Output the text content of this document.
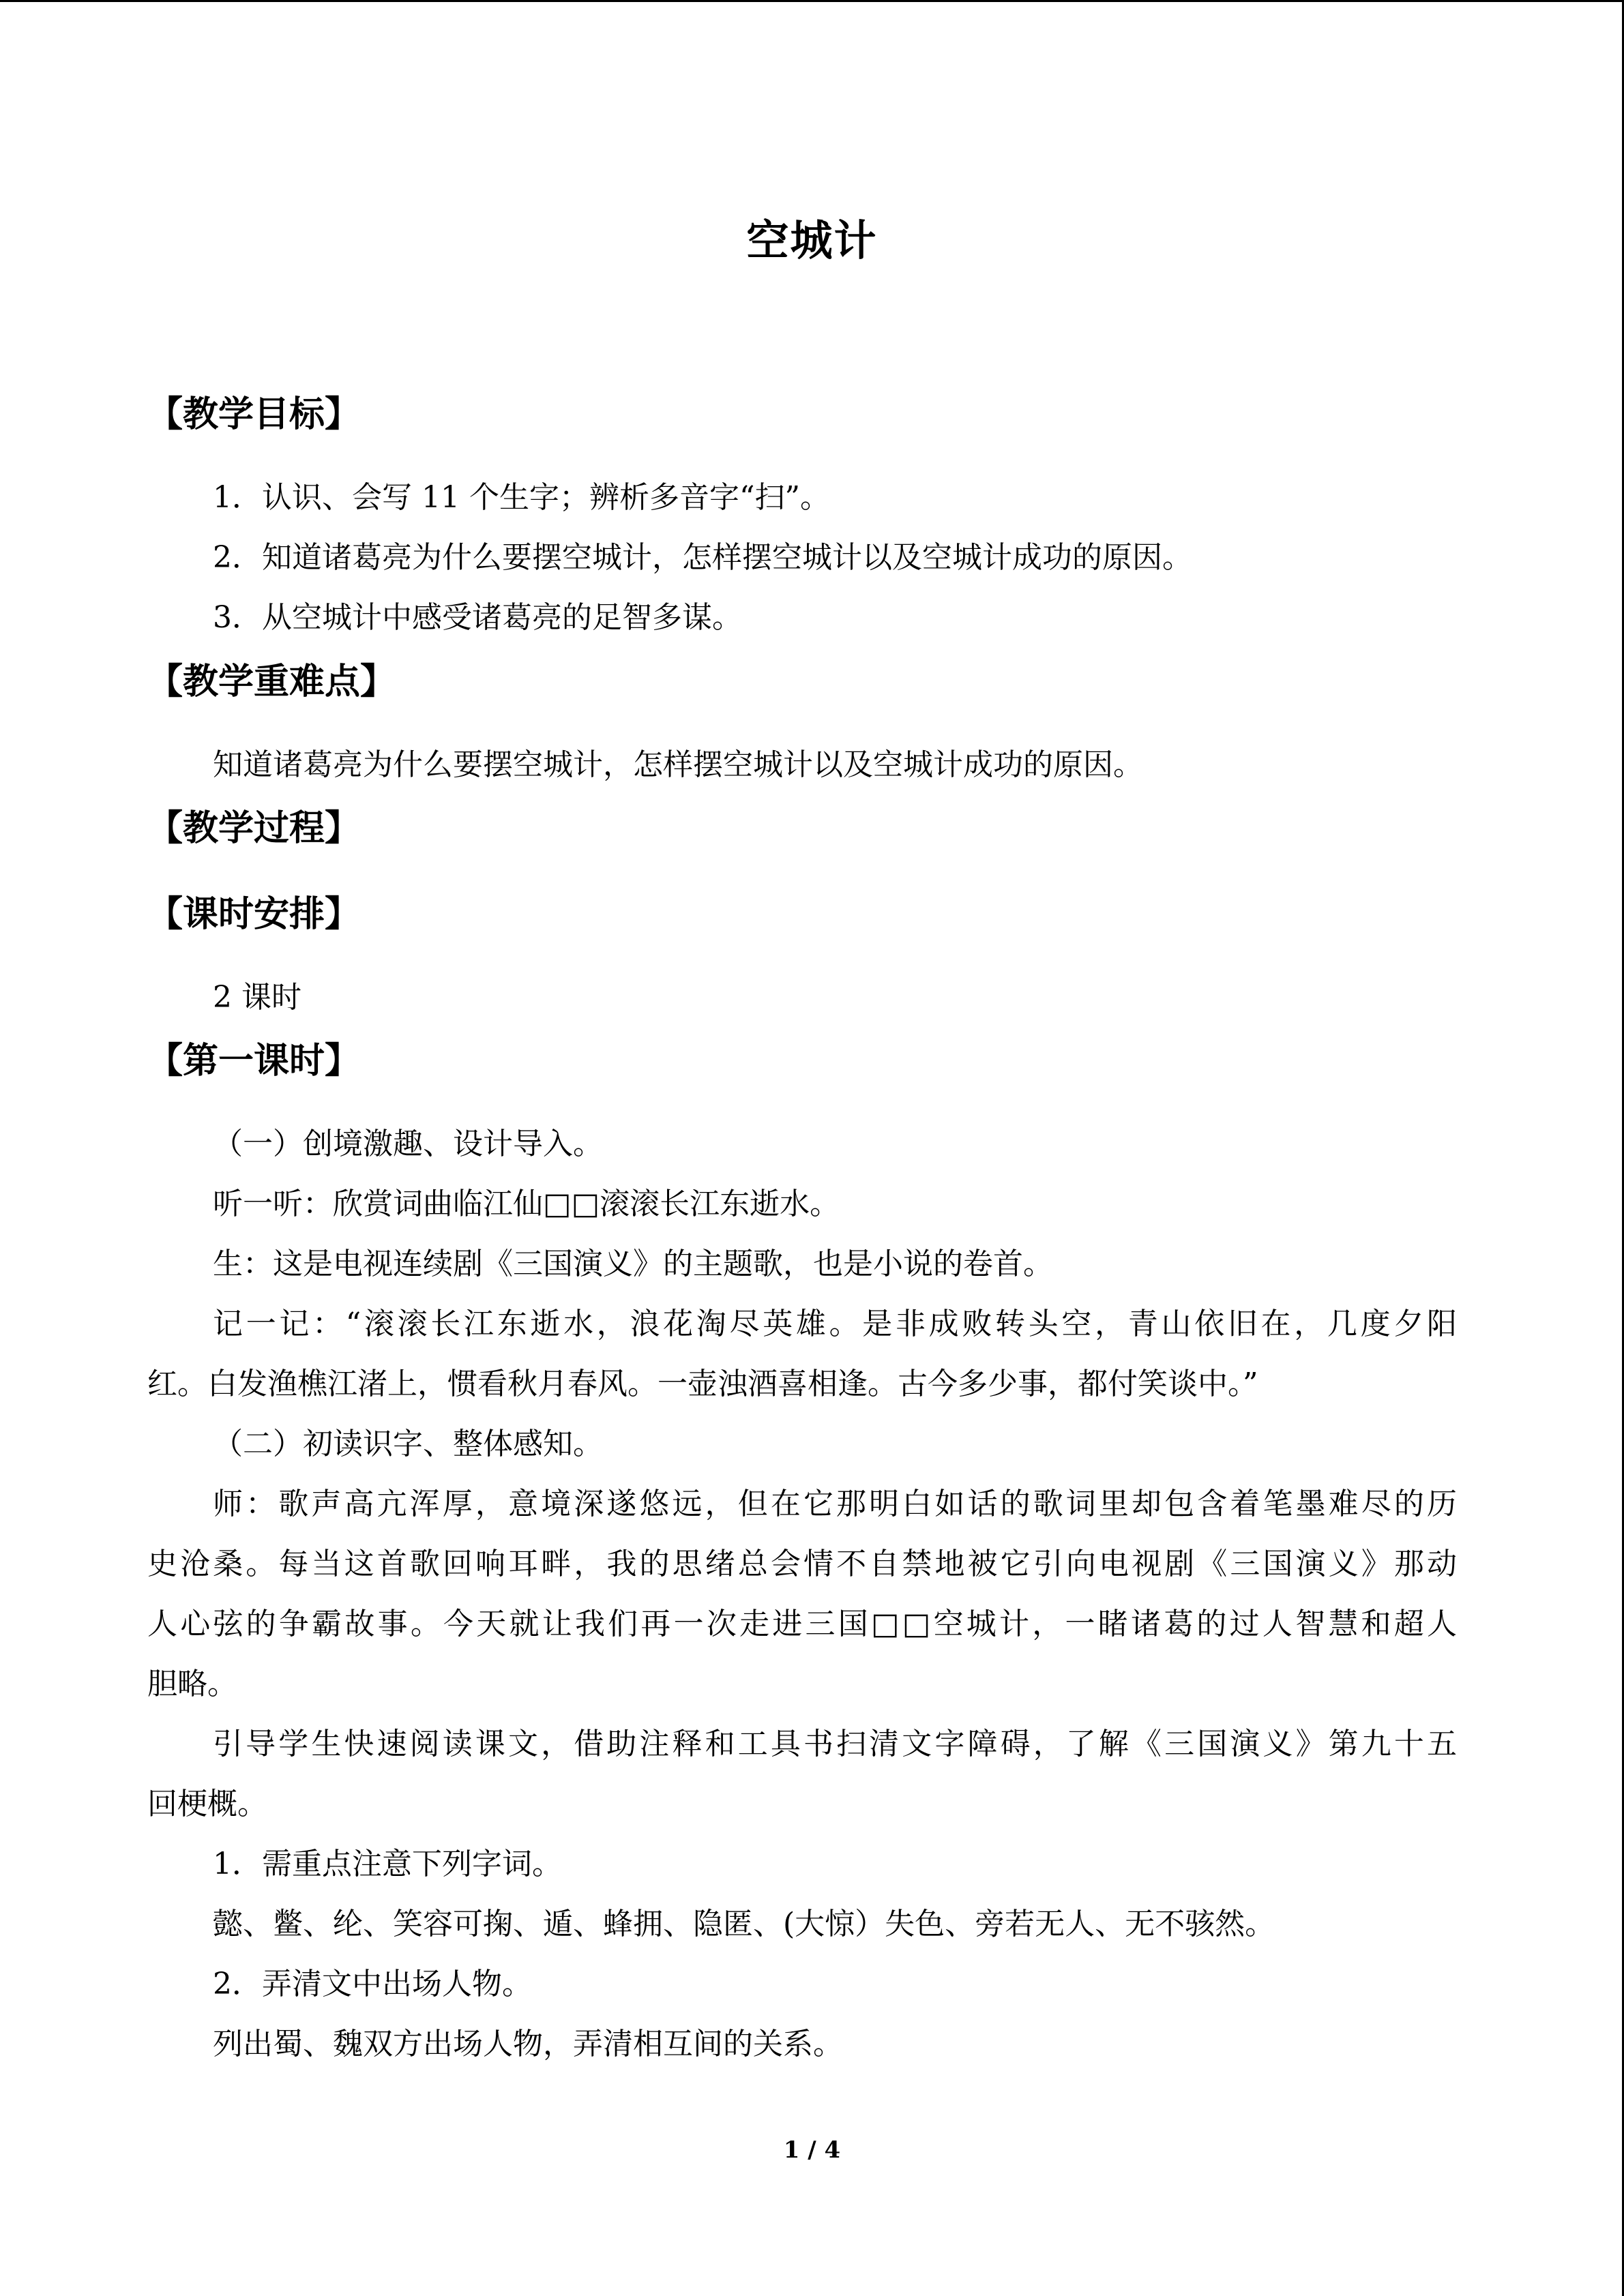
空城计
【教学目标】
1．认识、会写 11 个生字；辨析多音字“扫”。
2．知道诸葛亮为什么要摆空城计，怎样摆空城计以及空城计成功的原因。
3．从空城计中感受诸葛亮的足智多谋。
【教学重难点】
知道诸葛亮为什么要摆空城计，怎样摆空城计以及空城计成功的原因。
【教学过程】
【课时安排】
2 课时
【第一课时】
（一）创境激趣、设计导入。
听一听：欣赏词曲临江仙□□滚滚长江东逝水。
生：这是电视连续剧《三国演义》的主题歌，也是小说的卷首。
记一记：“滚滚长江东逝水，浪花淘尽英雄。是非成败转头空，青山依旧在，几度夕阳
红。白发渔樵江渚上，惯看秋月春风。一壶浊酒喜相逢。古今多少事，都付笑谈中。”
（二）初读识字、整体感知。
师：歌声高亢浑厚，意境深遂悠远，但在它那明白如话的歌词里却包含着笔墨难尽的历
史沧桑。每当这首歌回响耳畔，我的思绪总会情不自禁地被它引向电视剧《三国演义》那动
人心弦的争霸故事。今天就让我们再一次走进三国□□空城计，一睹诸葛的过人智慧和超人
胆略。
引导学生快速阅读课文，借助注释和工具书扫清文字障碍，了解《三国演义》第九十五
回梗概。
1．需重点注意下列字词。
懿、鳖、纶、笑容可掬、遁、蜂拥、隐匿、(大惊）失色、旁若无人、无不骇然。
2．弄清文中出场人物。
列出蜀、魏双方出场人物，弄清相互间的关系。
1 / 4
